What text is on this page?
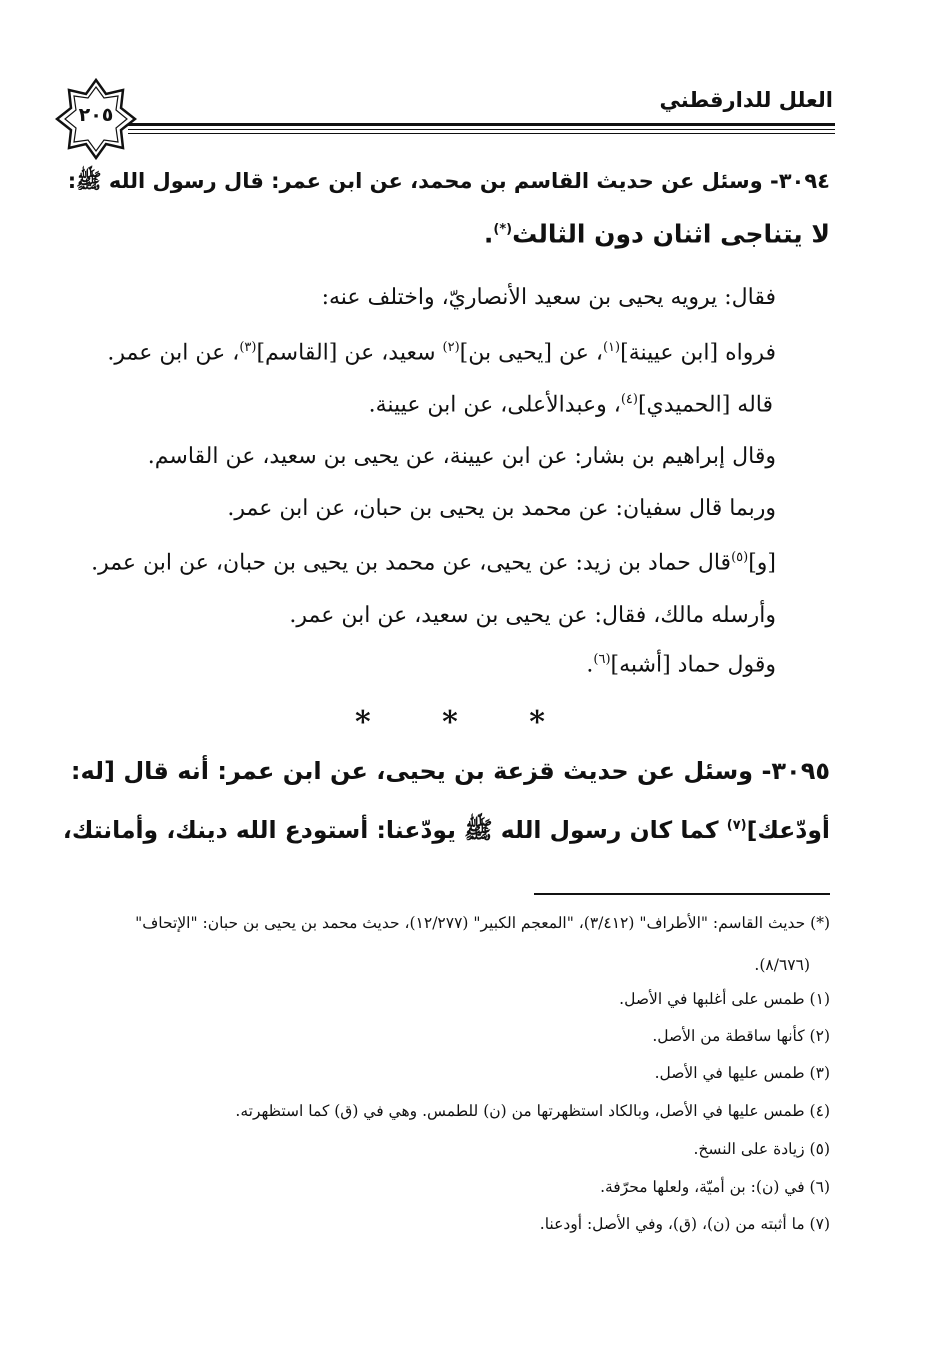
العلل للدارقطني
٢٠٥
٣٠٩٤- وسئل عن حديث القاسم بن محمد، عن ابن عمر: قال رسول الله ﷺ:
لا يتناجى اثنان دون الثالث(*).
فقال: يرويه يحيى بن سعيد الأنصاريّ، واختلف عنه:
فرواه [ابن عيينة]$^{(١)}$، عن [يحيى بن]$^{(٢)}$ سعيد، عن [القاسم]$^{(٣)}$، عن ابن عمر.
قاله [الحميدي]$^{(٤)}$، وعبدالأعلى، عن ابن عيينة.
وقال إبراهيم بن بشار: عن ابن عيينة، عن يحيى بن سعيد، عن القاسم.
وربما قال سفيان: عن محمد بن يحيى بن حبان، عن ابن عمر.
[و]$^{(٥)}$قال حماد بن زيد: عن يحيى، عن محمد بن يحيى بن حبان، عن ابن عمر.
وأرسله مالك، فقال: عن يحيى بن سعيد، عن ابن عمر.
وقول حماد [أشبه]$^{(٦)}$.
* * *
٣٠٩٥- وسئل عن حديث قزعة بن يحيى، عن ابن عمر: أنه قال [له:
أودّعك]$^{(٧)}$ كما كان رسول الله ﷺ يودّعنا: أستودع الله دينك، وأمانتك،
(*) حديث القاسم: "الأطراف" (٣/٤١٢)، "المعجم الكبير" (١٢/٢٧٧)، حديث محمد بن يحيى بن حبان: "الإتحاف"
(٨/٦٧٦).
(١) طمس على أغلبها في الأصل.
(٢) كأنها ساقطة من الأصل.
(٣) طمس عليها في الأصل.
(٤) طمس عليها في الأصل، وبالكاد استظهرتها من (ن) للطمس. وهي في (ق) كما استظهرته.
(٥) زيادة على النسخ.
(٦) في (ن): بن أميّة، ولعلها محرّفة.
(٧) ما أثبته من (ن)، (ق)، وفي الأصل: أودعنا.
